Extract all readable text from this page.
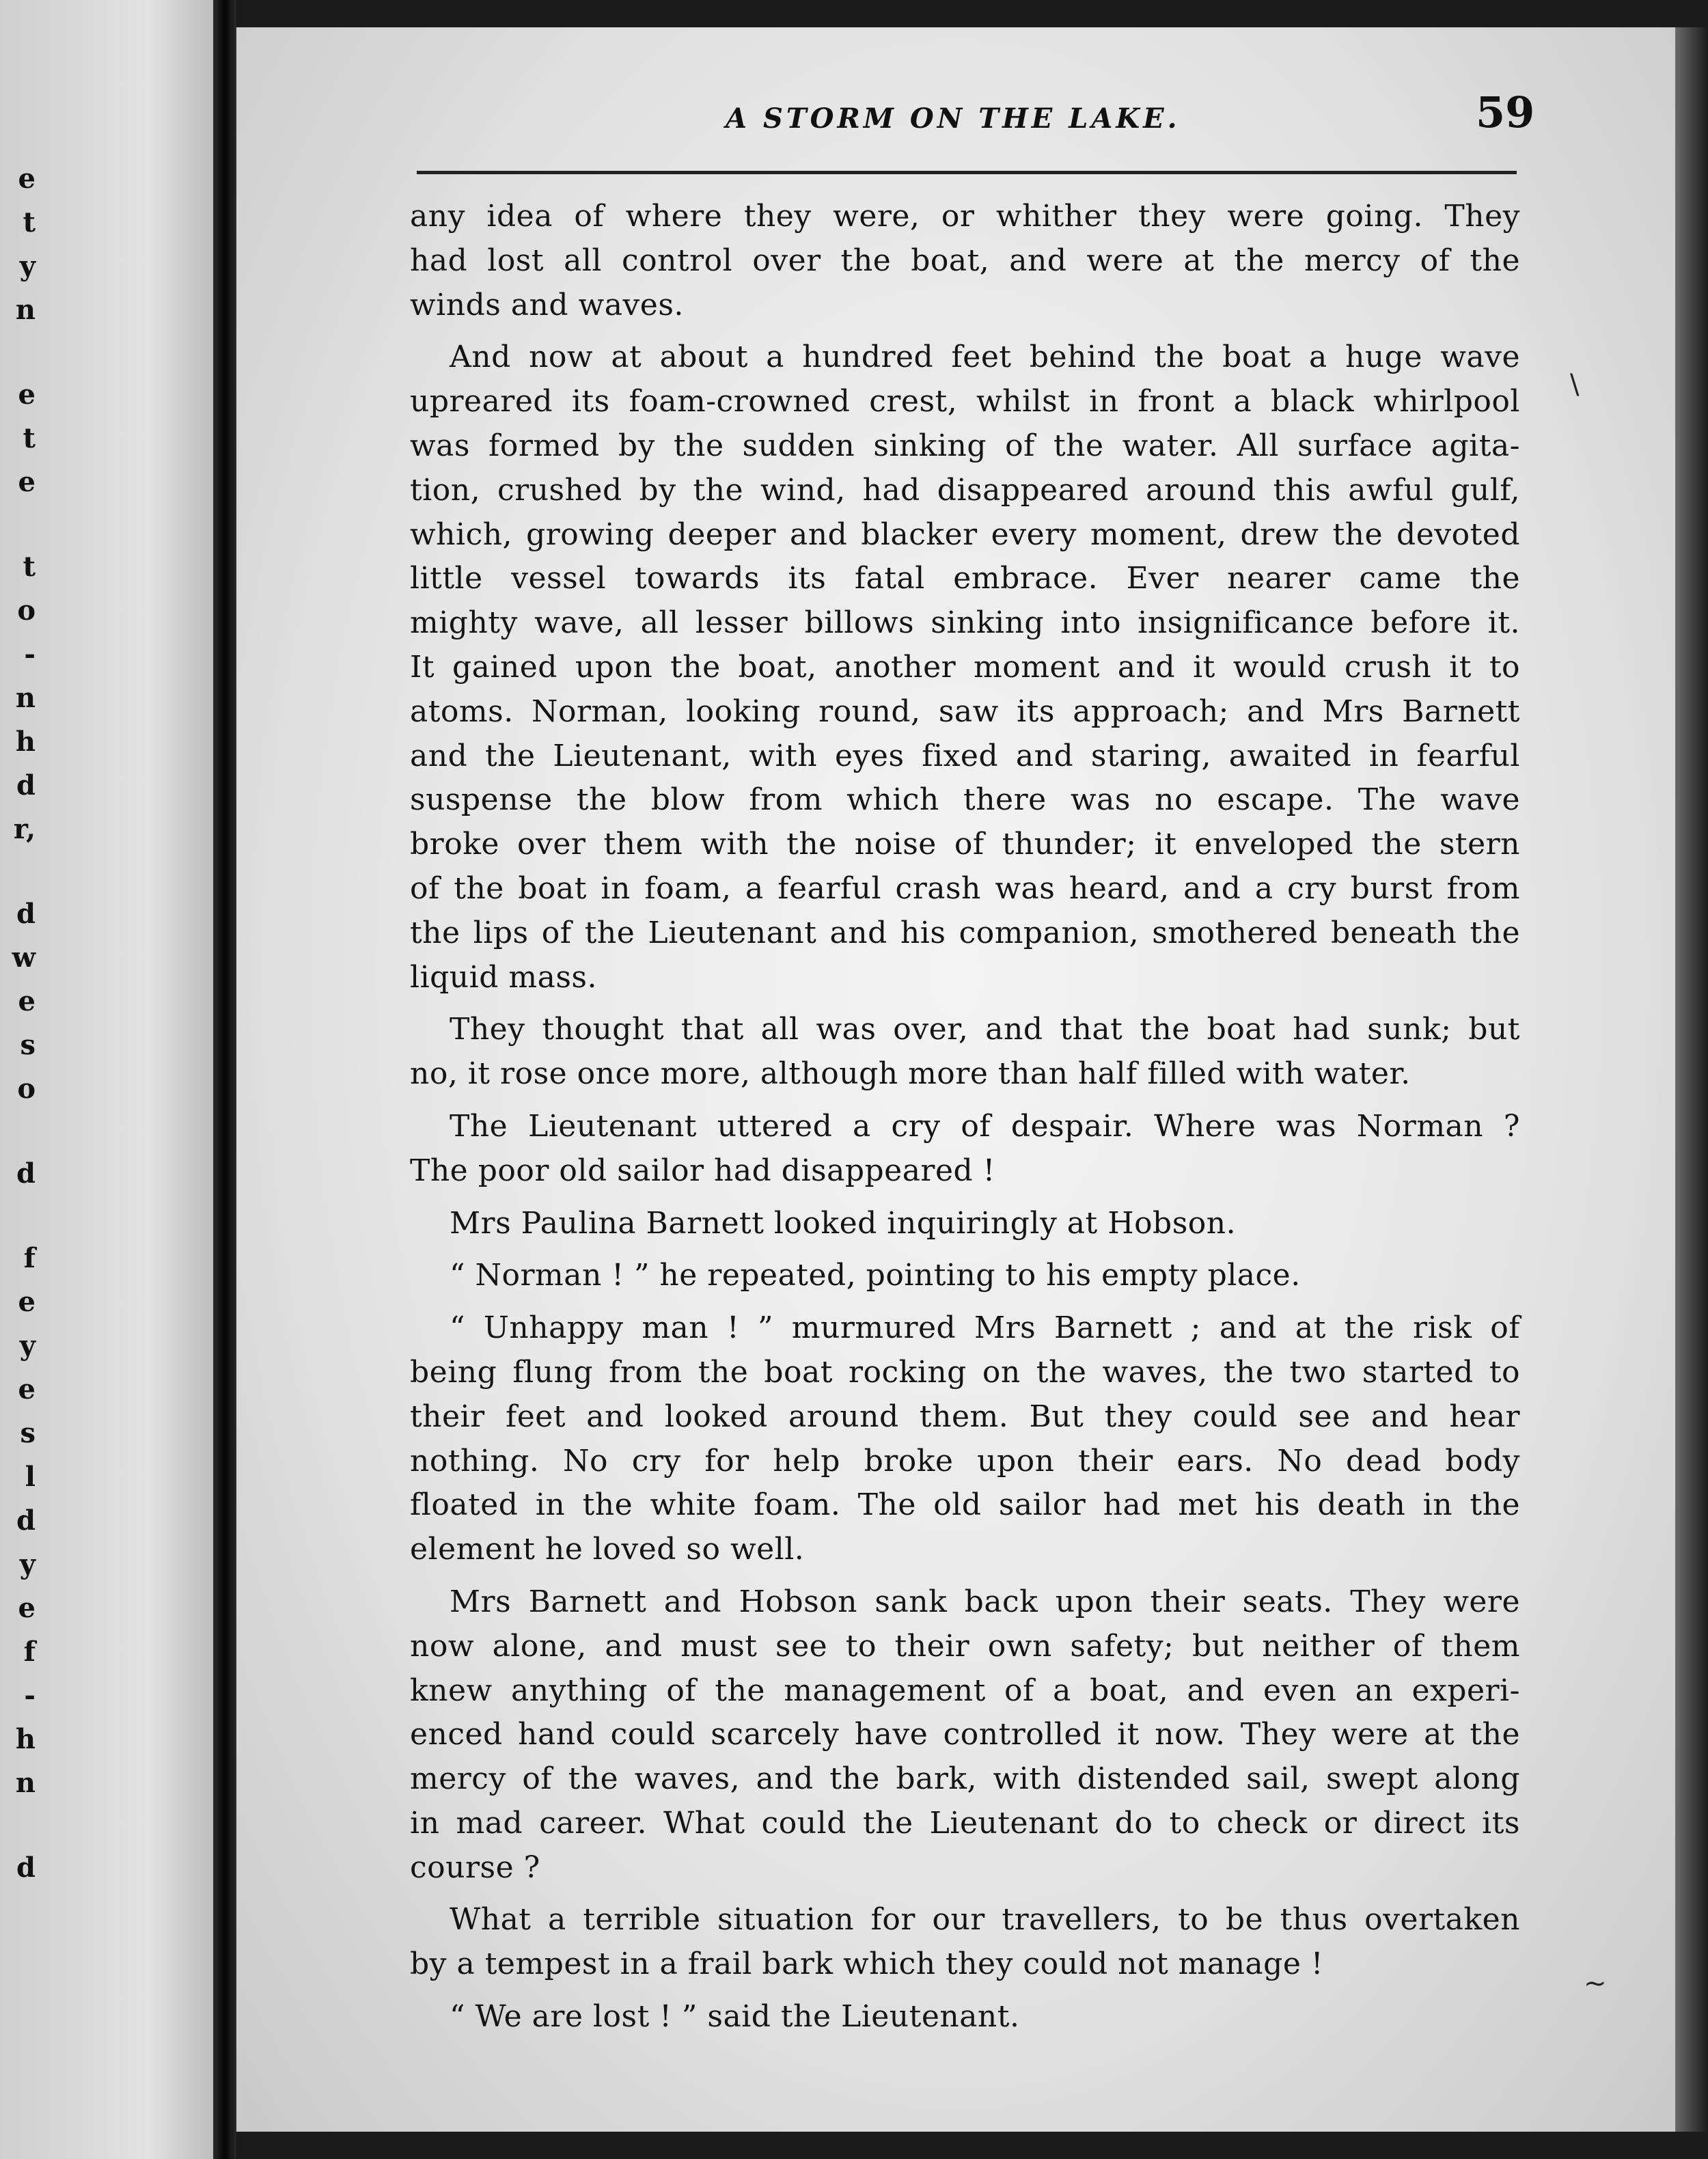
e
t
y
n
e
t
e
t
o
-
n
h
d
r,
d
w
e
s
o
d
f
e
y
e
s
l
d
y
e
f
-
h
n
d
A STORM ON THE LAKE.	59
any idea of where they were, or whither they were going. They
had lost all control over the boat, and were at the mercy of the
winds and waves.
And now at about a hundred feet behind the boat a huge wave
upreared its foam-crowned crest, whilst in front a black whirlpool
was formed by the sudden sinking of the water. All surface agita-
tion, crushed by the wind, had disappeared around this awful gulf,
which, growing deeper and blacker every moment, drew the devoted
little vessel towards its fatal embrace. Ever nearer came the
mighty wave, all lesser billows sinking into insignificance before it.
It gained upon the boat, another moment and it would crush it to
atoms. Norman, looking round, saw its approach; and Mrs Barnett
and the Lieutenant, with eyes fixed and staring, awaited in fearful
suspense the blow from which there was no escape. The wave
broke over them with the noise of thunder; it enveloped the stern
of the boat in foam, a fearful crash was heard, and a cry burst from
the lips of the Lieutenant and his companion, smothered beneath the
liquid mass.
They thought that all was over, and that the boat had sunk; but
no, it rose once more, although more than half filled with water.
The Lieutenant uttered a cry of despair. Where was Norman ?
The poor old sailor had disappeared !
Mrs Paulina Barnett looked inquiringly at Hobson.
“ Norman ! ” he repeated, pointing to his empty place.
“ Unhappy man ! ” murmured Mrs Barnett ; and at the risk of
being flung from the boat rocking on the waves, the two started to
their feet and looked around them. But they could see and hear
nothing. No cry for help broke upon their ears. No dead body
floated in the white foam. The old sailor had met his death in the
element he loved so well.
Mrs Barnett and Hobson sank back upon their seats. They were
now alone, and must see to their own safety; but neither of them
knew anything of the management of a boat, and even an experi-
enced hand could scarcely have controlled it now. They were at the
mercy of the waves, and the bark, with distended sail, swept along
in mad career. What could the Lieutenant do to check or direct its
course ?
What a terrible situation for our travellers, to be thus overtaken
by a tempest in a frail bark which they could not manage !
“ We are lost ! ” said the Lieutenant.
\
~
